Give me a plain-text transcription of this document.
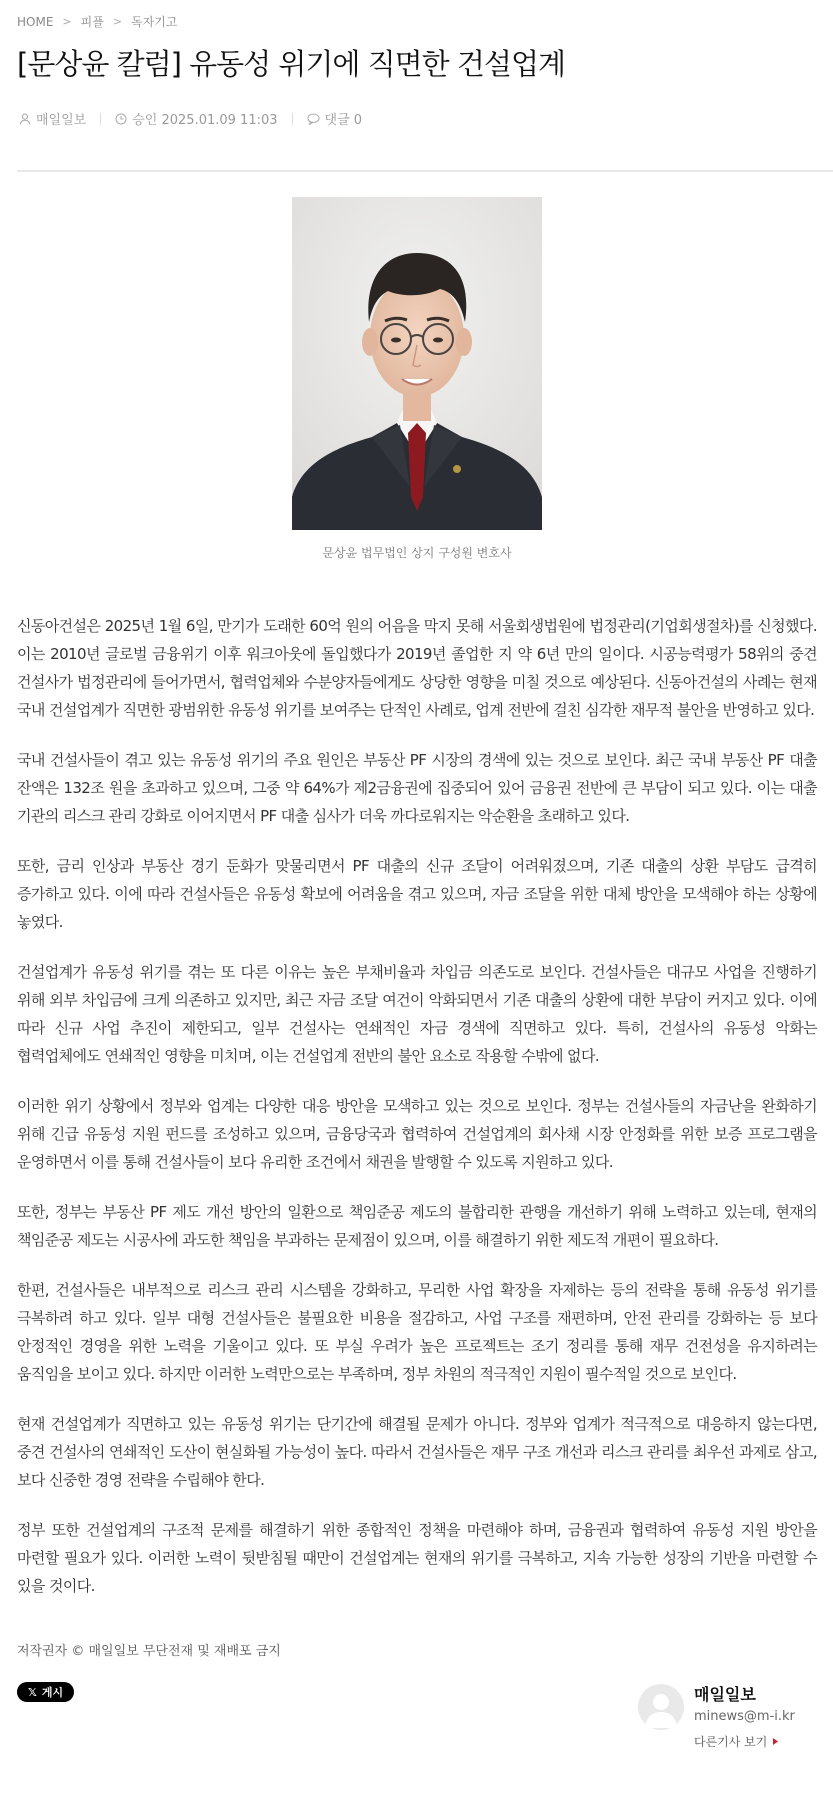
HOME > 피플 > 독자기고
[문상윤 칼럼] 유동성 위기에 직면한 건설업계
매일일보	승인 2025.01.09 11:03	댓글 0
문상윤 법무법인 상지 구성원 변호사

신동아건설은 2025년 1월 6일, 만기가 도래한 60억 원의 어음을 막지 못해 서울회생법원에 법정관리(기업회생절차)를 신청했다. 이는 2010년 글로벌 금융위기 이후 워크아웃에 돌입했다가 2019년 졸업한 지 약 6년 만의 일이다. 시공능력평가 58위의 중견 건설사가 법정관리에 들어가면서, 협력업체와 수분양자들에게도 상당한 영향을 미칠 것으로 예상된다. 신동아건설의 사례는 현재 국내 건설업계가 직면한 광범위한 유동성 위기를 보여주는 단적인 사례로, 업계 전반에 걸친 심각한 재무적 불안을 반영하고 있다.

국내 건설사들이 겪고 있는 유동성 위기의 주요 원인은 부동산 PF 시장의 경색에 있는 것으로 보인다. 최근 국내 부동산 PF 대출 잔액은 132조 원을 초과하고 있으며, 그중 약 64%가 제2금융권에 집중되어 있어 금융권 전반에 큰 부담이 되고 있다. 이는 대출 기관의 리스크 관리 강화로 이어지면서 PF 대출 심사가 더욱 까다로워지는 악순환을 초래하고 있다.

또한, 금리 인상과 부동산 경기 둔화가 맞물리면서 PF 대출의 신규 조달이 어려워졌으며, 기존 대출의 상환 부담도 급격히 증가하고 있다. 이에 따라 건설사들은 유동성 확보에 어려움을 겪고 있으며, 자금 조달을 위한 대체 방안을 모색해야 하는 상황에 놓였다.

건설업계가 유동성 위기를 겪는 또 다른 이유는 높은 부채비율과 차입금 의존도로 보인다. 건설사들은 대규모 사업을 진행하기 위해 외부 차입금에 크게 의존하고 있지만, 최근 자금 조달 여건이 악화되면서 기존 대출의 상환에 대한 부담이 커지고 있다. 이에 따라 신규 사업 추진이 제한되고, 일부 건설사는 연쇄적인 자금 경색에 직면하고 있다. 특히, 건설사의 유동성 악화는 협력업체에도 연쇄적인 영향을 미치며, 이는 건설업계 전반의 불안 요소로 작용할 수밖에 없다.

이러한 위기 상황에서 정부와 업계는 다양한 대응 방안을 모색하고 있는 것으로 보인다. 정부는 건설사들의 자금난을 완화하기 위해 긴급 유동성 지원 펀드를 조성하고 있으며, 금융당국과 협력하여 건설업계의 회사채 시장 안정화를 위한 보증 프로그램을 운영하면서 이를 통해 건설사들이 보다 유리한 조건에서 채권을 발행할 수 있도록 지원하고 있다.

또한, 정부는 부동산 PF 제도 개선 방안의 일환으로 책임준공 제도의 불합리한 관행을 개선하기 위해 노력하고 있는데, 현재의 책임준공 제도는 시공사에 과도한 책임을 부과하는 문제점이 있으며, 이를 해결하기 위한 제도적 개편이 필요하다.

한편, 건설사들은 내부적으로 리스크 관리 시스템을 강화하고, 무리한 사업 확장을 자제하는 등의 전략을 통해 유동성 위기를 극복하려 하고 있다. 일부 대형 건설사들은 불필요한 비용을 절감하고, 사업 구조를 재편하며, 안전 관리를 강화하는 등 보다 안정적인 경영을 위한 노력을 기울이고 있다. 또 부실 우려가 높은 프로젝트는 조기 정리를 통해 재무 건전성을 유지하려는 움직임을 보이고 있다. 하지만 이러한 노력만으로는 부족하며, 정부 차원의 적극적인 지원이 필수적일 것으로 보인다.

현재 건설업계가 직면하고 있는 유동성 위기는 단기간에 해결될 문제가 아니다. 정부와 업계가 적극적으로 대응하지 않는다면, 중견 건설사의 연쇄적인 도산이 현실화될 가능성이 높다. 따라서 건설사들은 재무 구조 개선과 리스크 관리를 최우선 과제로 삼고, 보다 신중한 경영 전략을 수립해야 한다.

정부 또한 건설업계의 구조적 문제를 해결하기 위한 종합적인 정책을 마련해야 하며, 금융권과 협력하여 유동성 지원 방안을 마련할 필요가 있다. 이러한 노력이 뒷받침될 때만이 건설업계는 현재의 위기를 극복하고, 지속 가능한 성장의 기반을 마련할 수 있을 것이다.

저작권자 © 매일일보 무단전재 및 재배포 금지
𝕏 게시	매일일보
minews@m-i.kr
다른기사 보기
